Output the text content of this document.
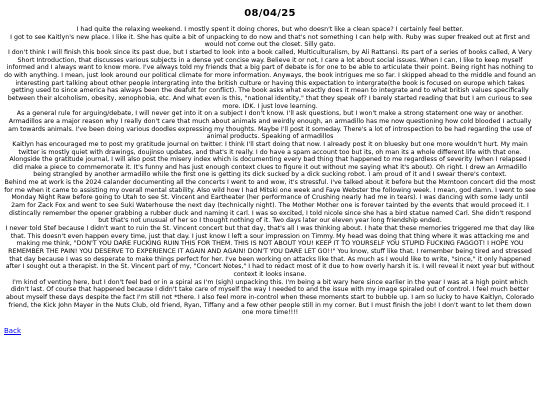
08/04/25

I had quite the relaxing weekend. I mostly spent it doing chores, but who doesn't like a clean space? I certainly feel better.

I got to see Kaitlyn's new place. I like it. She has quite a bit of unpacking to do now and that's not something I can help with. Ruby was super freaked out at first and would not come out the closet. Silly gato.

I don't think I will finish this book since its past due, but I started to look into a book called, Multiculturalism, by Ali Rattansi. Its part of a series of books called, A Very Short Introduction, that discusses various subjects in a dense yet concise way. Believe it or not, I care a lot about social issues. When I can, I like to keep myself informed and I always want to know more. I've always told my friends that a big part of debate is for one to be able to articulate their point. Being right has nothing to do with anything. I mean, just look around our political climate for more information. Anyways, the book intrigues me so far. I skipped ahead to the middle and found an interesting part talking about other people intergrating into the british culture or having this expectation to intergrate(the book is focused on europe which takes getting used to since america has always been the deafult for conflict). The book asks what exactly does it mean to integrate and to what british values specifically between their alcoholism, obesity, xenophobia, etc. And what even is this, "national identity," that they speak of? I barely started reading that but I am curious to see more. IDK. I just love learning.

As a general rule for arguing/debate, I will never get into it on a subject I don't know. I'll ask questions, but I won't make a strong statement one way or another.

Armadillos are a major reason why I really don't care that much about animals and weirdly enough, an armadillo has me now questioning how cold blooded I actually am towards animals. I've been doing various doodles expressing my thoughts. Maybe I'll post it someday. There's a lot of introspection to be had regarding the use of animal products. Speaking of armadillos

Kaitlyn has encouraged me to post my gratitude journal on twitter. I think I'll start doing that now. I already post it on bluesky but one more wouldn't hurt. My main twitter is mostly quiet with drawings, doujinso updates, and that's it really. I do have a spam account too but its, oh man its a whole different life with that one. Alongside the gratitude journal, I will also post the misery index which is documenting every bad thing that happened to me regardless of severity (when I relapsed I did make a piece to commemorate it. It's funny and has just enough context clues to figure it out without me saying what it's about). Oh right. I drew an Armadillo being strangled by another armadillo while the first one is getting its dick sucked by a dick sucking robot. I am proud of it and I swear there's context.

Behind me at work is the 2024 calander documenting all the concerts I went to and wow, it's stressful. I've talked about it before but the Mxmtoon concert did the most for me when it came to assisting my overall mental stability. Also wild how I had Mitski one week and Faye Webster the following week. I mean, god damn. I went to see Monday Night Raw before going to Utah to see St. Vincent and Eartheater (her performance of Crushing nearly had me in tears). I was dancing with some lady until 2am for Zack Fox and went to see Suki Waterhouse the next day (technically night). The Mother Mother one is forever tainted by the events that would proceed it. I distincally remember the opener grabbing a rubber duck and naming it carl. I was so excited, I told nicole since she has a bird statue named Carl. She didn't respond but that's not unusual of her so I thought nothing of it. Two days later our eleven year long friendship ended.

I never told Stef because I didn't want to ruin the St. Vincent concert but that day, that's all I was thinking about. I hate that these memories triggered me that day like that. This doesn't even happen every time, just that day. I just know I left a sour impression on Timmy. My head was doing that thing where it was attacking me and making me think, "DON'T YOU DARE FUCKING RUIN THIS FOR THEM. THIS IS NOT ABOUT YOU! KEEP IT TO YOURSELF YOU STUPID FUCKING FAGGOT! I HOPE YOU REMEMBER THE PAIN! YOU DESERVE TO EXPERIENCE IT AGAIN AND AGAIN! DON'T YOU DARE LET GO!!" You know, stuff like that. I remember being tired and stressed that day because I was so desperate to make things perfect for her. I've been working on attacks like that. As much as I would like to write, "since," it only happened after I sought out a therapist. In the St. Vincent part of my, "Concert Notes," I had to redact most of it due to how overly harsh it is. I will reveal it next year but without context it looks insane.

I'm kind of venting here, but I don't feel bad or in a spiral as I'm (sigh) unpacking this. I'm being a bit wary here since earlier in the year I was at a high point which didn't last. Of course that happened because I didn't take care of myself the way I needed to and the issue with my image spiraled out of control. I feel much better about myself these days despite the fact I'm still not *there. I also feel more in-control when these moments start to bubble up. I am so lucky to have Kaitlyn, Colorado friend, the Kick John Mayer in the Nuts Club, old friend, Ryan, Tiffany and a few other people still in my corner. But I must finish the job! I don't want to let them down one more time!!!!

Back
